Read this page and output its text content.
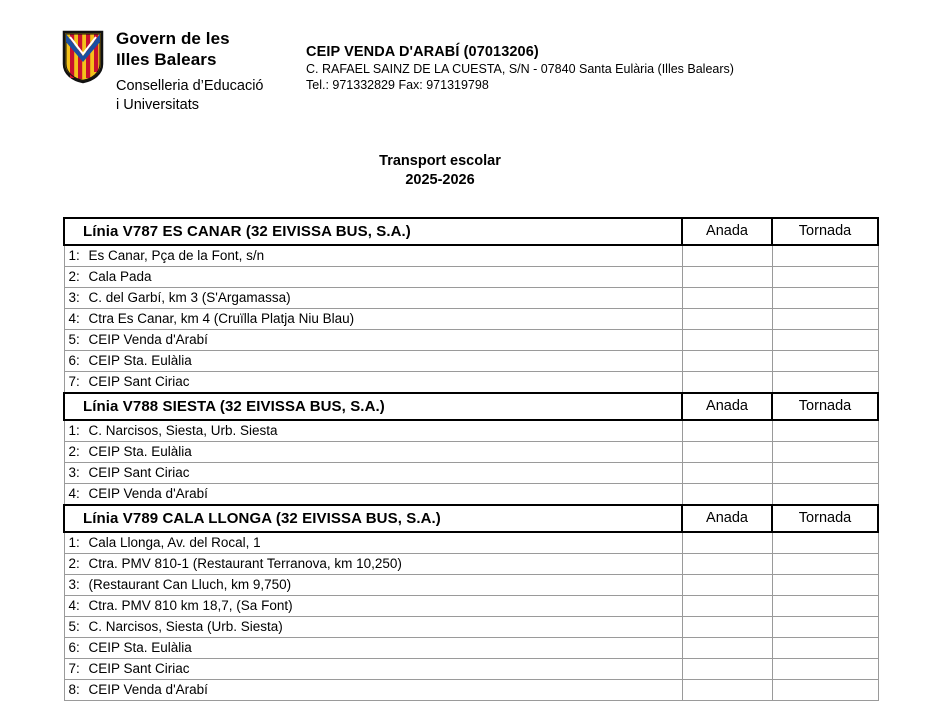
Govern de les
Illes Balears
Conselleria d’Educació
i Universitats
CEIP VENDA D'ARABÍ (07013206)
C. RAFAEL SAINZ DE LA CUESTA, S/N - 07840 Santa Eulària (Illes Balears)
Tel.: 971332829 Fax: 971319798
Transport escolar
2025-2026
Línia V787 ES CANAR (32 EIVISSA BUS, S.A.)	Anada	Tornada
1: Es Canar, Pça de la Font, s/n		
2: Cala Pada		
3: C. del Garbí, km 3 (S'Argamassa)		
4: Ctra Es Canar, km 4 (Cruïlla Platja Niu Blau)		
5: CEIP Venda d'Arabí		
6: CEIP Sta. Eulàlia		
7: CEIP Sant Ciriac		
Línia V788 SIESTA (32 EIVISSA BUS, S.A.)	Anada	Tornada
1: C. Narcisos, Siesta, Urb. Siesta		
2: CEIP Sta. Eulàlia		
3: CEIP Sant Ciriac		
4: CEIP Venda d'Arabí		
Línia V789 CALA LLONGA (32 EIVISSA BUS, S.A.)	Anada	Tornada
1: Cala Llonga, Av. del Rocal, 1		
2: Ctra. PMV 810-1 (Restaurant Terranova, km 10,250)		
3: (Restaurant Can Lluch, km 9,750)		
4: Ctra. PMV 810 km 18,7, (Sa Font)		
5: C. Narcisos, Siesta (Urb. Siesta)		
6: CEIP Sta. Eulàlia		
7: CEIP Sant Ciriac		
8: CEIP Venda d'Arabí		
